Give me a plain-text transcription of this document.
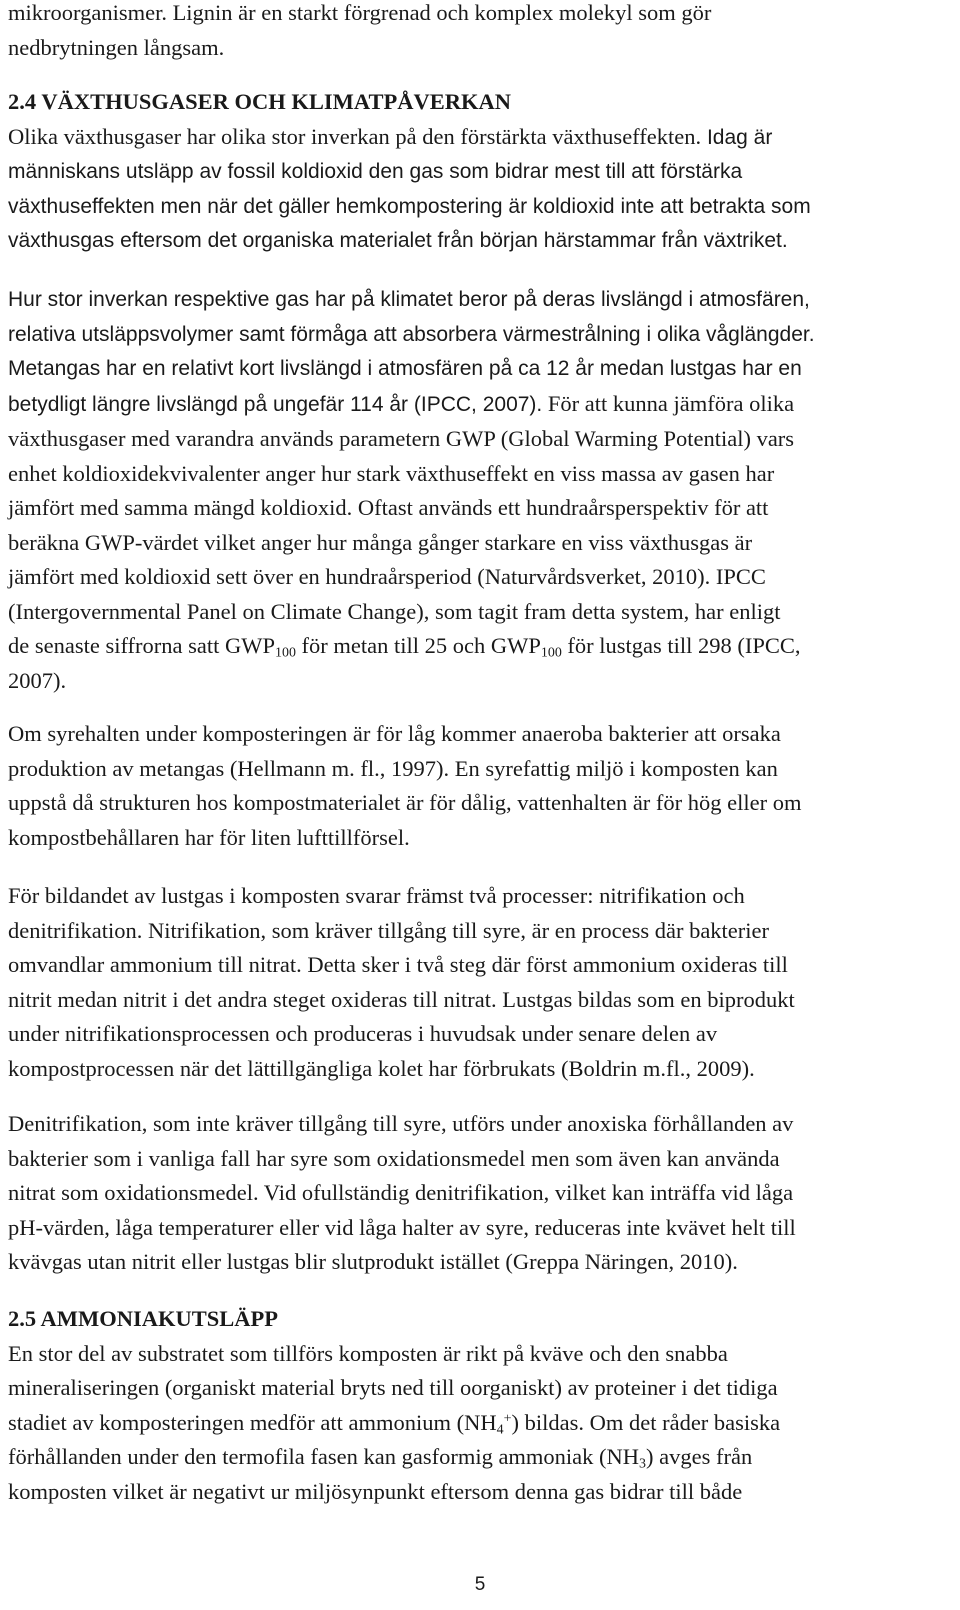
mikroorganismer. Lignin är en starkt förgrenad och komplex molekyl som gör
nedbrytningen långsam.
2.4 VÄXTHUSGASER OCH KLIMATPÅVERKAN
Olika växthusgaser har olika stor inverkan på den förstärkta växthuseffekten. Idag är
människans utsläpp av fossil koldioxid den gas som bidrar mest till att förstärka
växthuseffekten men när det gäller hemkompostering är koldioxid inte att betrakta som
växthusgas eftersom det organiska materialet från början härstammar från växtriket.
Hur stor inverkan respektive gas har på klimatet beror på deras livslängd i atmosfären,
relativa utsläppsvolymer samt förmåga att absorbera värmestrålning i olika våglängder.
Metangas har en relativt kort livslängd i atmosfären på ca 12 år medan lustgas har en
betydligt längre livslängd på ungefär 114 år (IPCC, 2007). För att kunna jämföra olika
växthusgaser med varandra används parametern GWP (Global Warming Potential) vars
enhet koldioxidekvivalenter anger hur stark växthuseffekt en viss massa av gasen har
jämfört med samma mängd koldioxid. Oftast används ett hundraårsperspektiv för att
beräkna GWP-värdet vilket anger hur många gånger starkare en viss växthusgas är
jämfört med koldioxid sett över en hundraårsperiod (Naturvårdsverket, 2010). IPCC
(Intergovernmental Panel on Climate Change), som tagit fram detta system, har enligt
de senaste siffrorna satt $GWP_{100}$ för metan till 25 och $GWP_{100}$ för lustgas till 298 (IPCC,
2007).
Om syrehalten under komposteringen är för låg kommer anaeroba bakterier att orsaka
produktion av metangas (Hellmann m. fl., 1997). En syrefattig miljö i komposten kan
uppstå då strukturen hos kompostmaterialet är för dålig, vattenhalten är för hög eller om
kompostbehållaren har för liten lufttillförsel.
För bildandet av lustgas i komposten svarar främst två processer: nitrifikation och
denitrifikation. Nitrifikation, som kräver tillgång till syre, är en process där bakterier
omvandlar ammonium till nitrat. Detta sker i två steg där först ammonium oxideras till
nitrit medan nitrit i det andra steget oxideras till nitrat. Lustgas bildas som en biprodukt
under nitrifikationsprocessen och produceras i huvudsak under senare delen av
kompostprocessen när det lättillgängliga kolet har förbrukats (Boldrin m.fl., 2009).
Denitrifikation, som inte kräver tillgång till syre, utförs under anoxiska förhållanden av
bakterier som i vanliga fall har syre som oxidationsmedel men som även kan använda
nitrat som oxidationsmedel. Vid ofullständig denitrifikation, vilket kan inträffa vid låga
pH-värden, låga temperaturer eller vid låga halter av syre, reduceras inte kvävet helt till
kvävgas utan nitrit eller lustgas blir slutprodukt istället (Greppa Näringen, 2010).
2.5 AMMONIAKUTSLÄPP
En stor del av substratet som tillförs komposten är rikt på kväve och den snabba
mineraliseringen (organiskt material bryts ned till oorganiskt) av proteiner i det tidiga
stadiet av komposteringen medför att ammonium $(NH_4^+)$ bildas. Om det råder basiska
förhållanden under den termofila fasen kan gasformig ammoniak $(NH_3)$ avges från
komposten vilket är negativt ur miljösynpunkt eftersom denna gas bidrar till både
5
